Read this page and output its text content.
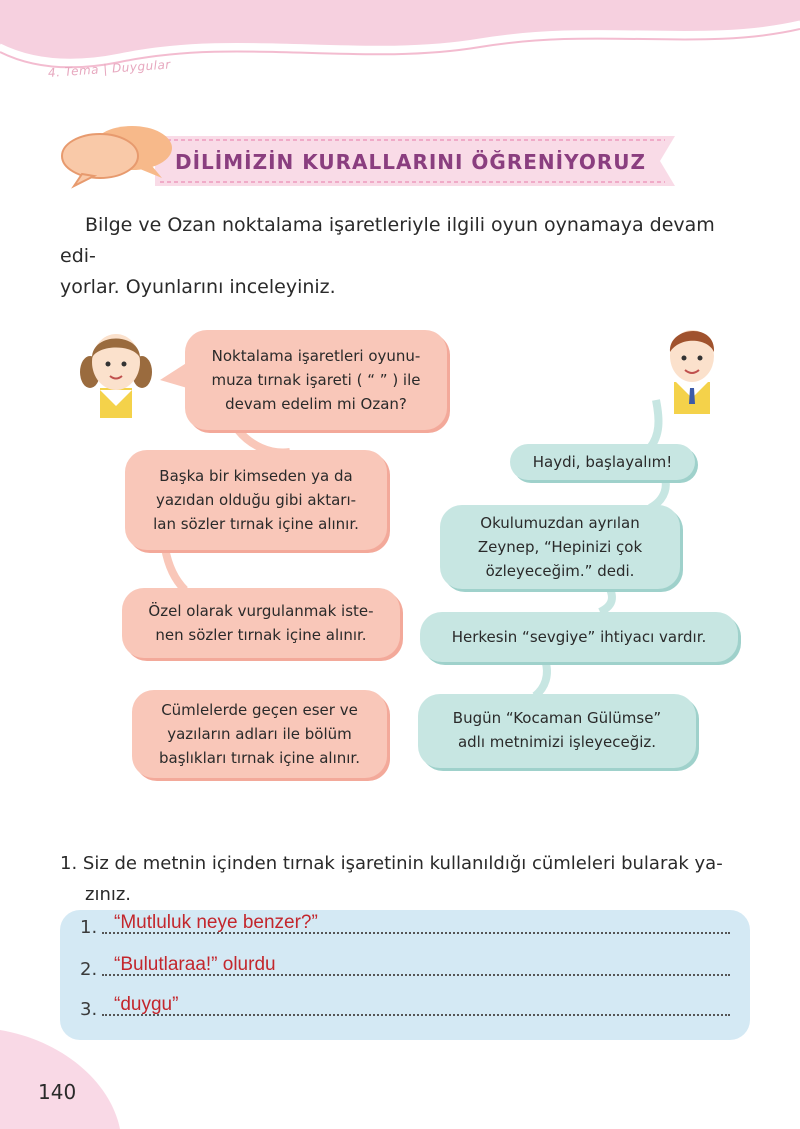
4. Tema | Duygular
DİLİMİZİN KURALLARINI ÖĞRENİYORUZ
Bilge ve Ozan noktalama işaretleriyle ilgili oyun oynamaya devam edi-
yorlar. Oyunlarını inceleyiniz.
Noktalama işaretleri oyunu-
muza tırnak işareti ( “ ” ) ile
devam edelim mi Ozan?
Başka bir kimseden ya da
yazıdan olduğu gibi aktarı-
lan sözler tırnak içine alınır.
Özel olarak vurgulanmak iste-
nen sözler tırnak içine alınır.
Cümlelerde geçen eser ve
yazıların adları ile bölüm
başlıkları tırnak içine alınır.
Haydi, başlayalım!
Okulumuzdan ayrılan
Zeynep, “Hepinizi çok
özleyeceğim.” dedi.
Herkesin “sevgiye” ihtiyacı vardır.
Bugün “Kocaman Gülümse”
adlı metnimizi işleyeceğiz.
1. Siz de metnin içinden tırnak işaretinin kullanıldığı cümleleri bularak ya-
zınız.
1. “Mutluluk neye benzer?”
2. “Bulutlaraa!” olurdu
3. “duygu”
140
